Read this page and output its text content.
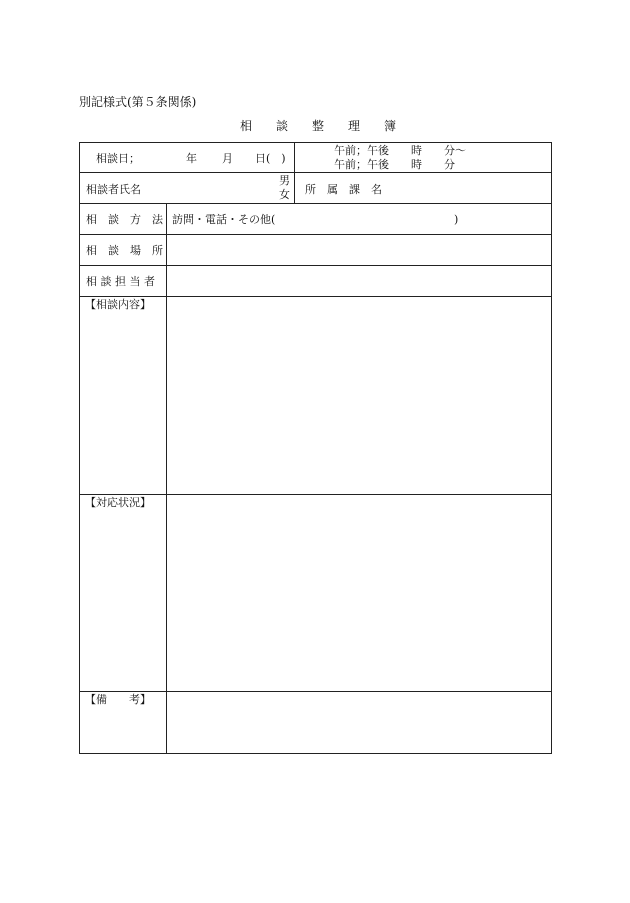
別記様式(第５条関係)
相　　談　　整　　理　　簿
相談日；	年 月 日(　)
午前；午後　　時　　分～
午前；午後　　時　　分
相談者氏名
男
女 所　属　課　名
相　談　方　法 訪問・電話・その他(	)
相　談　場　所
相 談 担 当 者
【相談内容】
【対応状況】
【備　　考】
